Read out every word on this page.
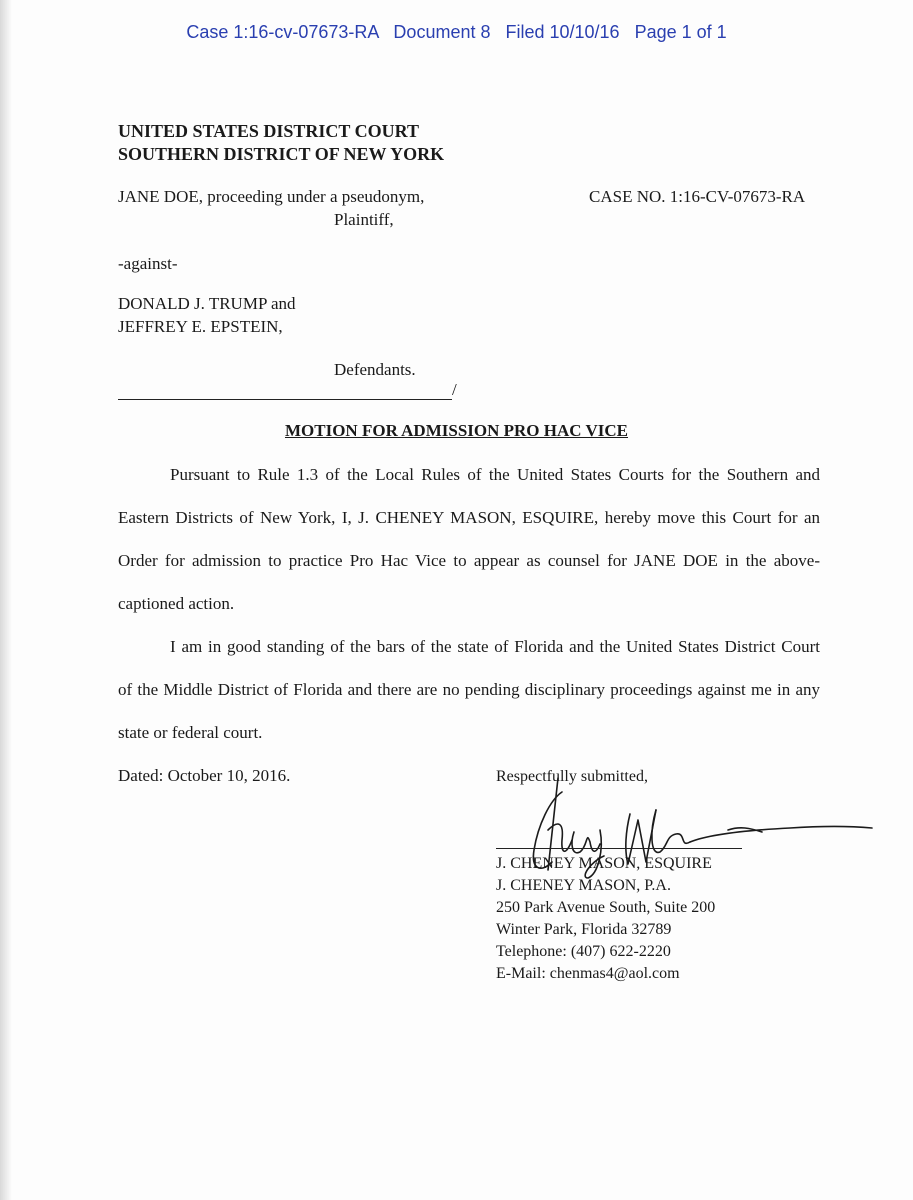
Case 1:16-cv-07673-RA   Document 8   Filed 10/10/16   Page 1 of 1
UNITED STATES DISTRICT COURT
SOUTHERN DISTRICT OF NEW YORK
JANE DOE, proceeding under a pseudonym,
Plaintiff,
CASE NO. 1:16-CV-07673-RA
-against-
DONALD J. TRUMP and
JEFFREY E. EPSTEIN,
Defendants.
/
MOTION FOR ADMISSION PRO HAC VICE
Pursuant to Rule 1.3 of the Local Rules of the United States Courts for the Southern and
Eastern Districts of New York, I, J. CHENEY MASON, ESQUIRE, hereby move this Court for an
Order for admission to practice Pro Hac Vice to appear as counsel for JANE DOE in the above-
captioned action.
I am in good standing of the bars of the state of Florida and the United States District Court
of the Middle District of Florida and there are no pending disciplinary proceedings against me in any
state or federal court.
Dated: October 10, 2016.	Respectfully submitted,
J. CHENEY MASON, ESQUIRE
J. CHENEY MASON, P.A.
250 Park Avenue South, Suite 200
Winter Park, Florida 32789
Telephone: (407) 622-2220
E-Mail: chenmas4@aol.com
